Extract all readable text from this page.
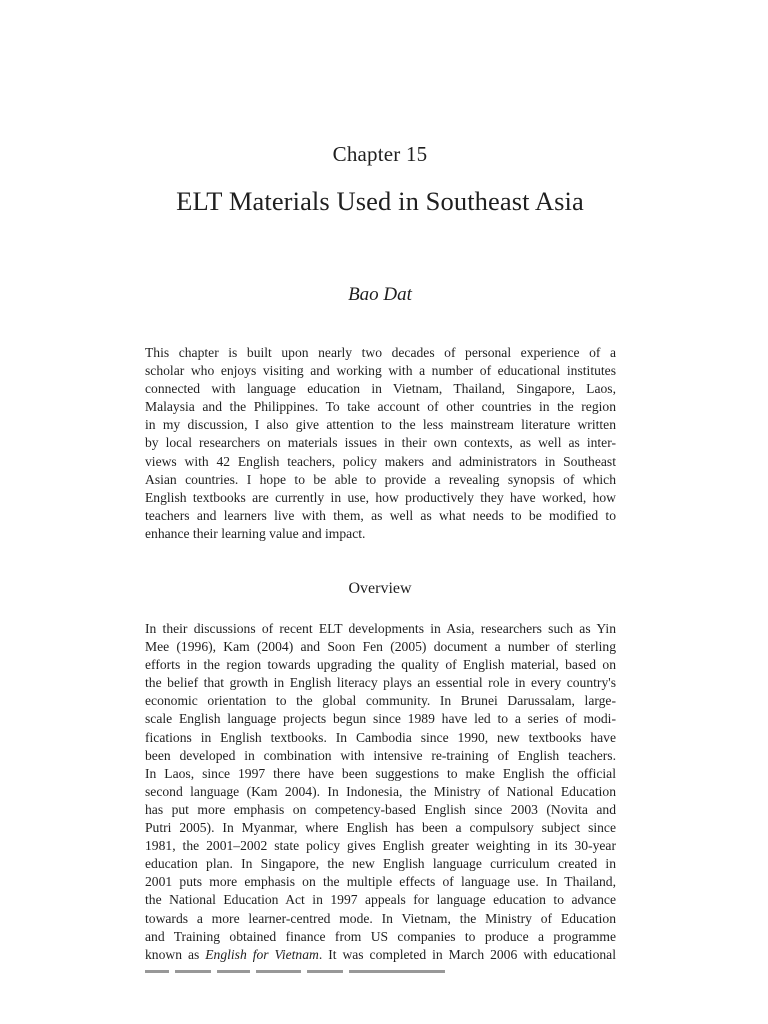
Chapter 15
ELT Materials Used in Southeast Asia
Bao Dat
This chapter is built upon nearly two decades of personal experience of a
scholar who enjoys visiting and working with a number of educational institutes
connected with language education in Vietnam, Thailand, Singapore, Laos,
Malaysia and the Philippines. To take account of other countries in the region
in my discussion, I also give attention to the less mainstream literature written
by local researchers on materials issues in their own contexts, as well as inter-
views with 42 English teachers, policy makers and administrators in Southeast
Asian countries. I hope to be able to provide a revealing synopsis of which
English textbooks are currently in use, how productively they have worked, how
teachers and learners live with them, as well as what needs to be modified to
enhance their learning value and impact.
Overview
In their discussions of recent ELT developments in Asia, researchers such as Yin
Mee (1996), Kam (2004) and Soon Fen (2005) document a number of sterling
efforts in the region towards upgrading the quality of English material, based on
the belief that growth in English literacy plays an essential role in every country's
economic orientation to the global community. In Brunei Darussalam, large-
scale English language projects begun since 1989 have led to a series of modi-
fications in English textbooks. In Cambodia since 1990, new textbooks have
been developed in combination with intensive re-training of English teachers.
In Laos, since 1997 there have been suggestions to make English the official
second language (Kam 2004). In Indonesia, the Ministry of National Education
has put more emphasis on competency-based English since 2003 (Novita and
Putri 2005). In Myanmar, where English has been a compulsory subject since
1981, the 2001–2002 state policy gives English greater weighting in its 30-year
education plan. In Singapore, the new English language curriculum created in
2001 puts more emphasis on the multiple effects of language use. In Thailand,
the National Education Act in 1997 appeals for language education to advance
towards a more learner-centred mode. In Vietnam, the Ministry of Education
and Training obtained finance from US companies to produce a programme
known as English for Vietnam. It was completed in March 2006 with educational
